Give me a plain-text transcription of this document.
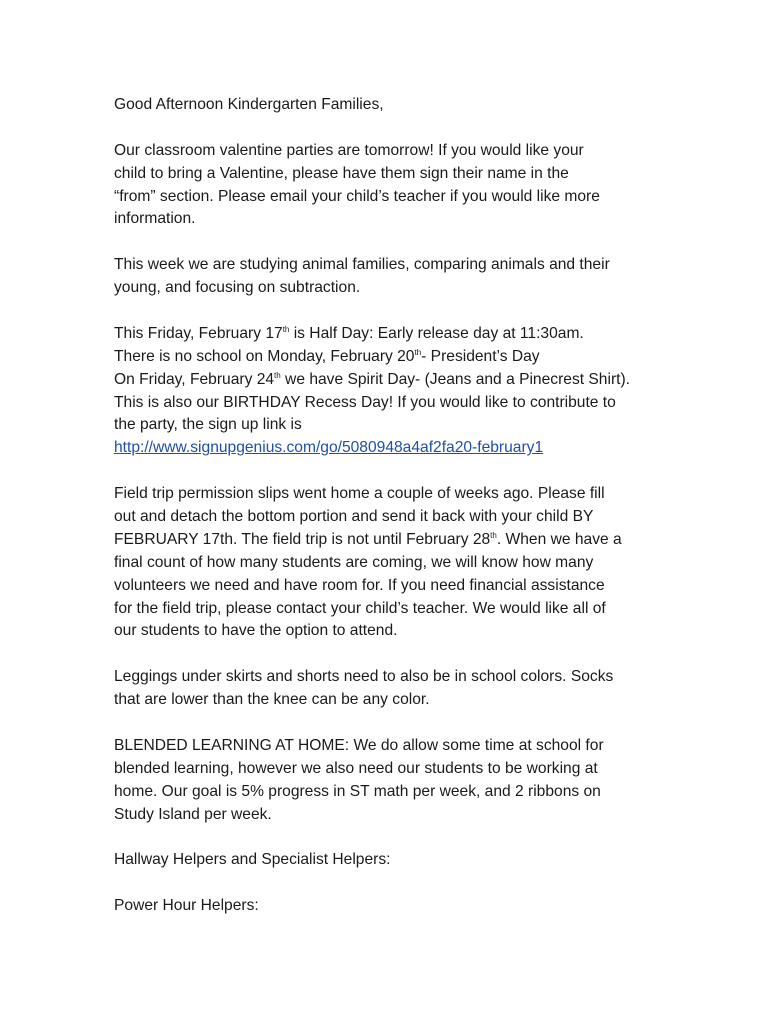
Good Afternoon Kindergarten Families,
Our classroom valentine parties are tomorrow! If you would like your
child to bring a Valentine, please have them sign their name in the
“from” section. Please email your child’s teacher if you would like more
information.
This week we are studying animal families, comparing animals and their
young, and focusing on subtraction.
This Friday, February 17th is Half Day: Early release day at 11:30am.
There is no school on Monday, February 20th- President’s Day
On Friday, February 24th we have Spirit Day- (Jeans and a Pinecrest Shirt).
This is also our BIRTHDAY Recess Day! If you would like to contribute to
the party, the sign up link is
http://www.signupgenius.com/go/5080948a4af2fa20-february1
Field trip permission slips went home a couple of weeks ago. Please fill
out and detach the bottom portion and send it back with your child BY
FEBRUARY 17th. The field trip is not until February 28th. When we have a
final count of how many students are coming, we will know how many
volunteers we need and have room for. If you need financial assistance
for the field trip, please contact your child’s teacher. We would like all of
our students to have the option to attend.
Leggings under skirts and shorts need to also be in school colors. Socks
that are lower than the knee can be any color.
BLENDED LEARNING AT HOME: We do allow some time at school for
blended learning, however we also need our students to be working at
home. Our goal is 5% progress in ST math per week, and 2 ribbons on
Study Island per week.
Hallway Helpers and Specialist Helpers:
Power Hour Helpers:
